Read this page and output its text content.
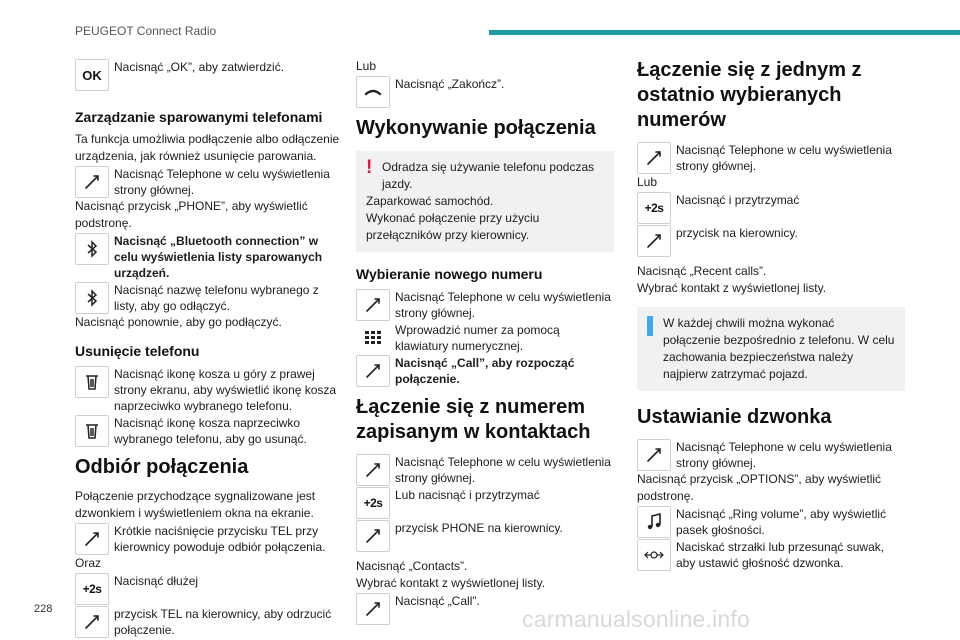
PEUGEOT Connect Radio
OK
Nacisnąć „OK”, aby zatwierdzić.
Zarządzanie sparowanymi telefonami

Ta funkcja umożliwia podłączenie albo odłączenie urządzenia, jak również usunięcie parowania.

Nacisnąć Telephone w celu wyświetlenia strony głównej.

Nacisnąć przycisk „PHONE”, aby wyświetlić podstronę.

Nacisnąć „Bluetooth connection” w celu wyświetlenia listy sparowanych urządzeń.
Nacisnąć nazwę telefonu wybranego z listy, aby go odłączyć.

Nacisnąć ponownie, aby go podłączyć.

Usunięcie telefonu
Nacisnąć ikonę kosza u góry z prawej strony ekranu, aby wyświetlić ikonę kosza naprzeciwko wybranego telefonu.
Nacisnąć ikonę kosza naprzeciwko wybranego telefonu, aby go usunąć.
Odbiór połączenia

Połączenie przychodzące sygnalizowane jest dzwonkiem i wyświetleniem okna na ekranie.

Krótkie naciśnięcie przycisku TEL przy kierownicy powoduje odbiór połączenia.

Oraz

+2s
Nacisnąć dłużej
przycisk TEL na kierownicy, aby odrzucić połączenie.

Lub

Nacisnąć „Zakończ”.
Wykonywanie połączenia
! Odradza się używanie telefonu podczas jazdy.

Zaparkować samochód.

Wykonać połączenie przy użyciu przełączników przy kierownicy.

Wybieranie nowego numeru
Nacisnąć Telephone w celu wyświetlenia strony głównej.
Wprowadzić numer za pomocą klawiatury numerycznej.
Nacisnąć „Call”, aby rozpocząć połączenie.
Łączenie się z numerem zapisanym w kontaktach
Nacisnąć Telephone w celu wyświetlenia strony głównej.
+2s
Lub nacisnąć i przytrzymać
przycisk PHONE na kierownicy.

Nacisnąć „Contacts”.

Wybrać kontakt z wyświetlonej listy.

Nacisnąć „Call”.
Łączenie się z jednym z ostatnio wybieranych numerów
Nacisnąć Telephone w celu wyświetlenia strony głównej.

Lub

+2s
Nacisnąć i przytrzymać
przycisk na kierownicy.

Nacisnąć „Recent calls”.

Wybrać kontakt z wyświetlonej listy.

W każdej chwili można wykonać połączenie bezpośrednio z telefonu. W celu zachowania bezpieczeństwa należy najpierw zatrzymać pojazd.
Ustawianie dzwonka
Nacisnąć Telephone w celu wyświetlenia strony głównej.

Nacisnąć przycisk „OPTIONS”, aby wyświetlić podstronę.

Nacisnąć „Ring volume”, aby wyświetlić pasek głośności.
Naciskać strzałki lub przesunąć suwak, aby ustawić głośność dzwonka.
228	carmanualsonline.info
